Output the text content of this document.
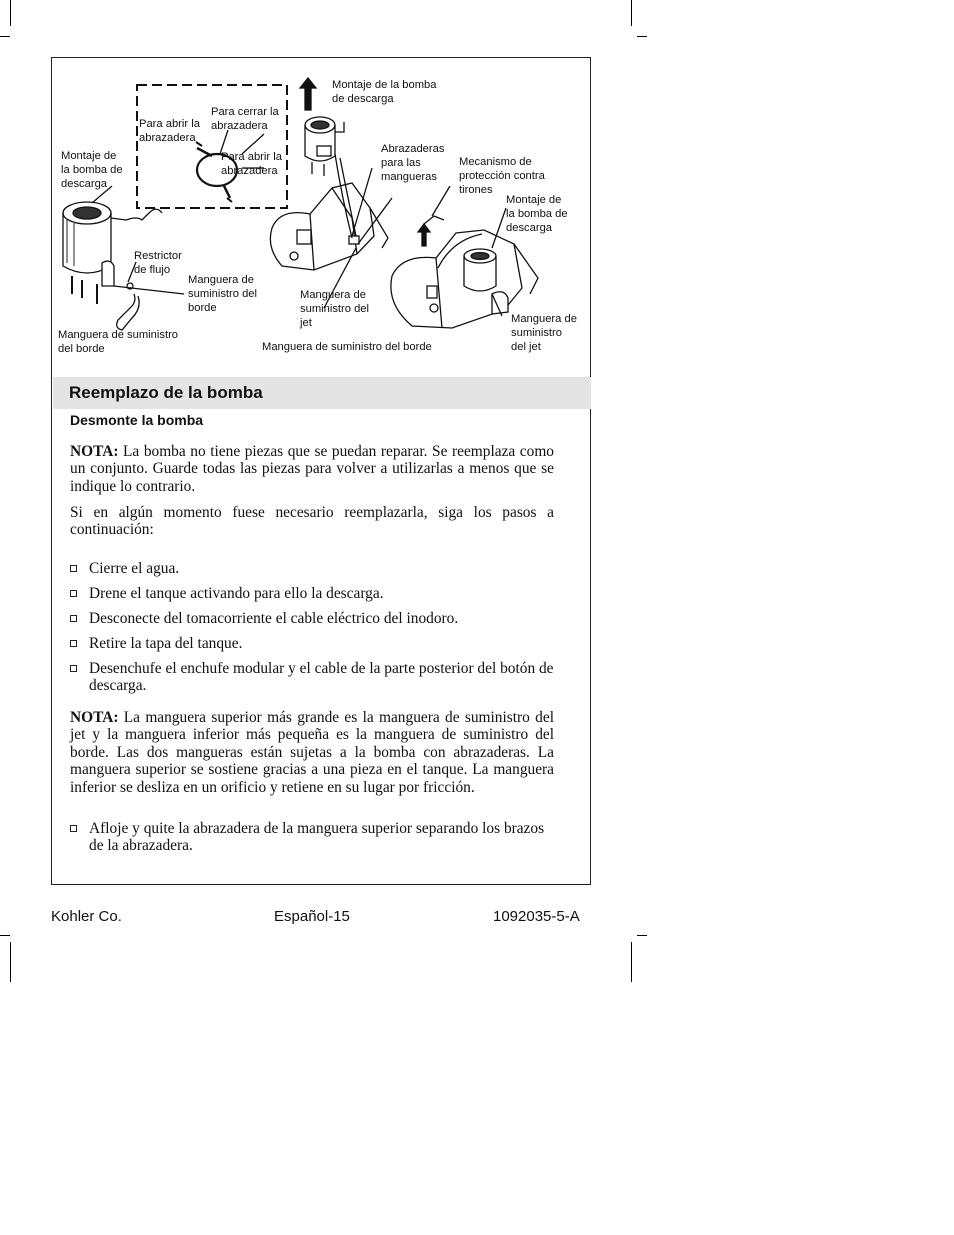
Montaje de la bomba
de descarga
Para cerrar la
abrazadera
Para abrir la
abrazadera
Para abrir la
abrazadera
Montaje de
la bomba de
descarga
Abrazaderas
para las
mangueras
Mecanismo de
protección contra
tirones
Montaje de
la bomba de
descarga
Restrictor
de flujo
Manguera de
suministro del
borde
Manguera de
suministro del
jet
Manguera de suministro
del borde	Manguera de suministro del borde
Manguera de
suministro
del jet
Reemplazo de la bomba
Desmonte la bomba
NOTA: La bomba no tiene piezas que se puedan reparar. Se reemplaza como un conjunto. Guarde todas las piezas para volver a utilizarlas a menos que se indique lo contrario.
Si en algún momento fuese necesario reemplazarla, siga los pasos a continuación:
Cierre el agua.
Drene el tanque activando para ello la descarga.
Desconecte del tomacorriente el cable eléctrico del inodoro.
Retire la tapa del tanque.
Desenchufe el enchufe modular y el cable de la parte posterior del botón de descarga.
NOTA: La manguera superior más grande es la manguera de suministro del jet y la manguera inferior más pequeña es la manguera de suministro del borde. Las dos mangueras están sujetas a la bomba con abrazaderas. La manguera superior se sostiene gracias a una pieza en el tanque. La manguera inferior se desliza en un orificio y retiene en su lugar por fricción.
Afloje y quite la abrazadera de la manguera superior separando los brazos de la abrazadera.
Kohler Co.	Español-15	1092035-5-A
